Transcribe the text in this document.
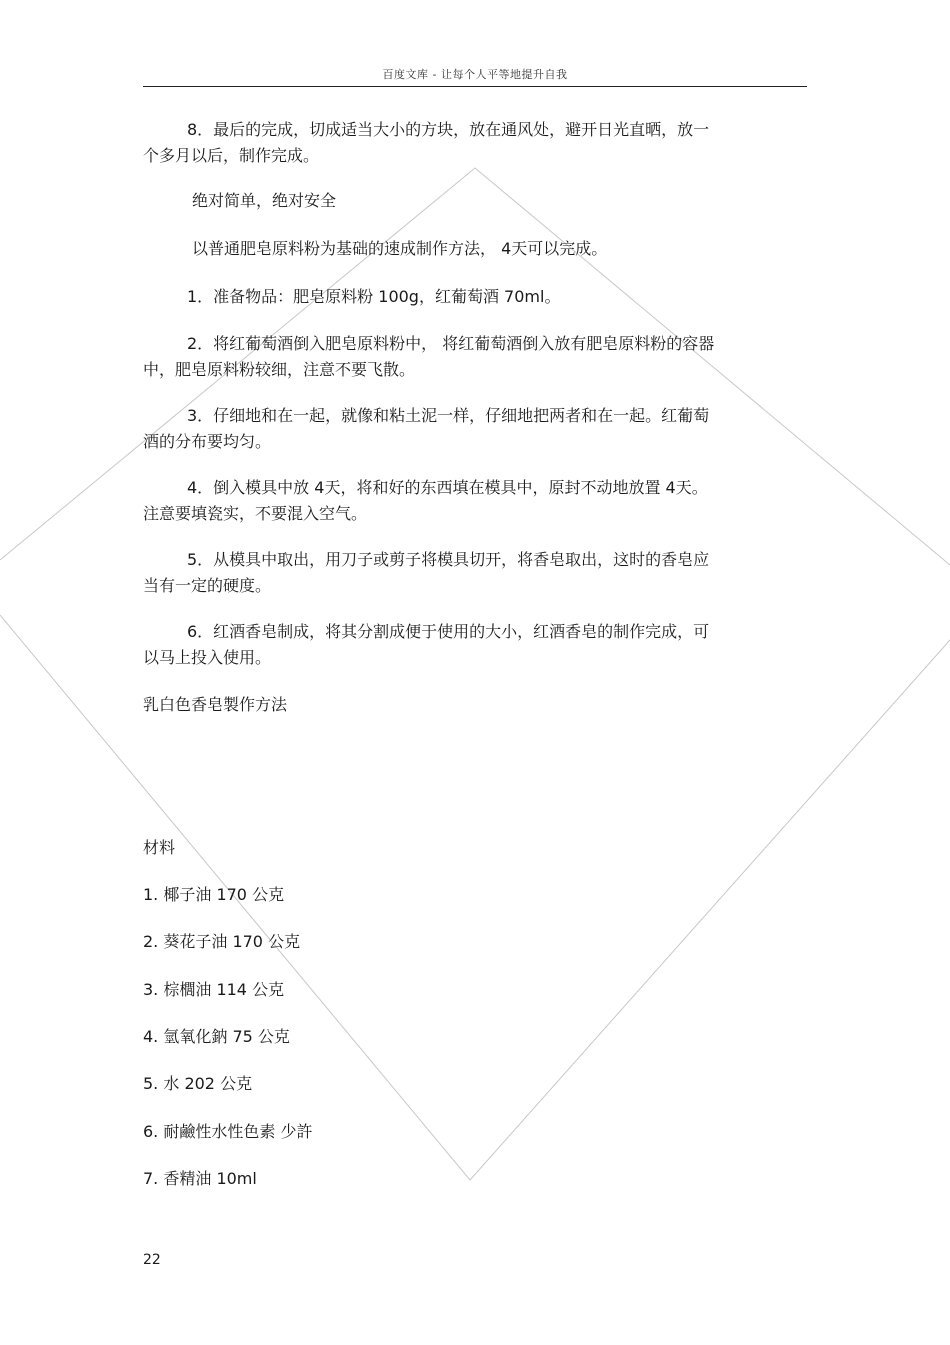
百度文库 - 让每个人平等地提升自我
8．最后的完成，切成适当大小的方块，放在通风处，避开日光直晒，放一
个多月以后，制作完成。
绝对简单，绝对安全
以普通肥皂原料粉为基础的速成制作方法， 4天可以完成。
1．准备物品：肥皂原料粉 100g，红葡萄酒 70ml。
2．将红葡萄酒倒入肥皂原料粉中， 将红葡萄酒倒入放有肥皂原料粉的容器
中，肥皂原料粉较细，注意不要飞散。
3．仔细地和在一起，就像和粘土泥一样，仔细地把两者和在一起。红葡萄
酒的分布要均匀。
4．倒入模具中放 4天，将和好的东西填在模具中，原封不动地放置 4天。
注意要填瓷实，不要混入空气。
5．从模具中取出，用刀子或剪子将模具切开，将香皂取出，这时的香皂应
当有一定的硬度。
6．红酒香皂制成，将其分割成便于使用的大小，红酒香皂的制作完成，可
以马上投入使用。
乳白色香皂製作方法
材料
1. 椰子油 170 公克
2. 葵花子油 170 公克
3. 棕櫚油 114 公克
4. 氫氧化鈉 75 公克
5. 水 202 公克
6. 耐鹼性水性色素 少許
7. 香精油 10ml
22
